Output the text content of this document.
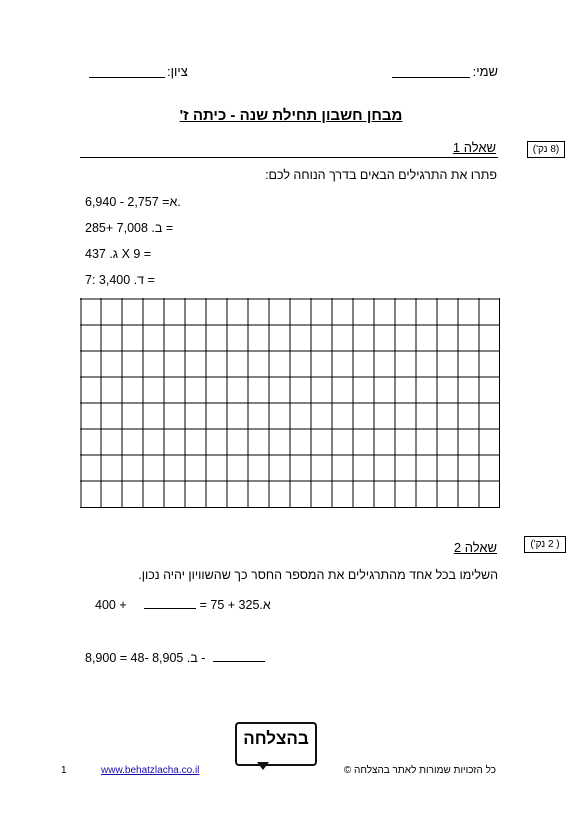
שמי:
ציון:
מבחן חשבון תחילת שנה - כיתה ז'
(8 נק')
שאלה 1
פתרו את התרגילים הבאים בדרך הנוחה לכם:
6,940 - 2,757 =א.
ב. 7,008 +285 =
ג. 437 X 9 =
ד. 3,400 :7 =
( 2 נק')
שאלה 2
השלימו בכל אחד מהתרגילים את המספר החסר כך שהשוויון יהיה נכון.
א.325 + 75 =  + 400
ב. 8,905 -48 = 8,900 -
בהצלחה
1	www.behatzlacha.co.il	כל הזכויות שמורות לאתר בהצלחה ©
